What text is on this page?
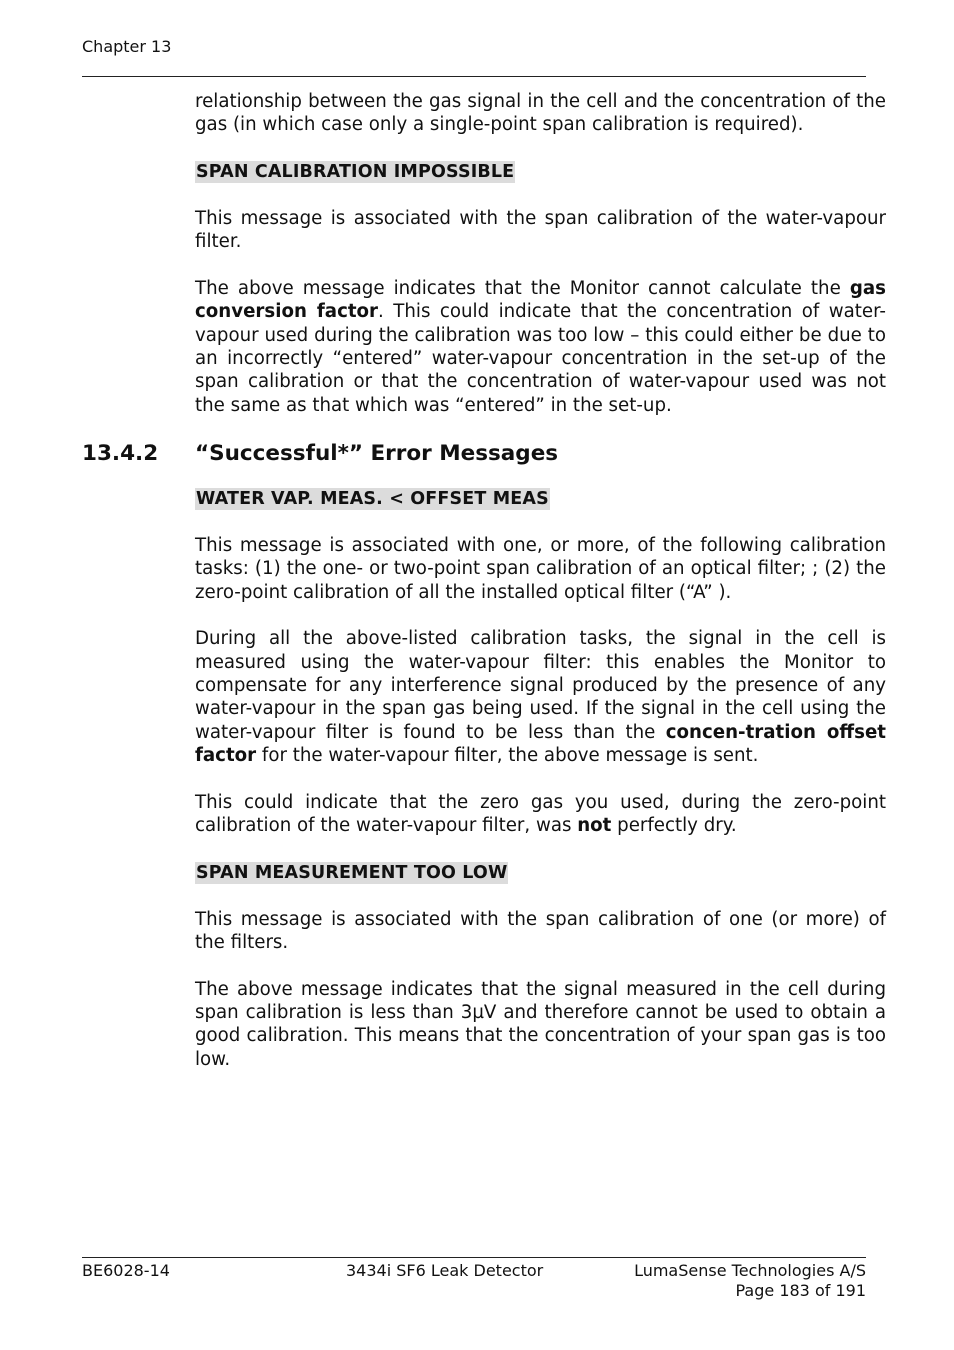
Chapter 13

relationship between the gas signal in the cell and the concentration of the gas (in which case only a single-point span calibration is required).

SPAN CALIBRATION IMPOSSIBLE

This message is associated with the span calibration of the water-vapour filter.

The above message indicates that the Monitor cannot calculate the gas conversion factor. This could indicate that the concentration of water-vapour used during the calibration was too low – this could either be due to an incorrectly “entered” water-vapour concentration in the set-up of the span calibration or that the concentration of water-vapour used was not the same as that which was “entered” in the set-up.

13.4.2 “Successful*” Error Messages
WATER VAP. MEAS. < OFFSET MEAS

This message is associated with one, or more, of the following calibration tasks: (1) the one- or two-point span calibration of an optical filter; ; (2) the zero-point calibration of all the installed optical filter (“A” ).

During all the above-listed calibration tasks, the signal in the cell is measured using the water-vapour filter: this enables the Monitor to compensate for any interference signal produced by the presence of any water-vapour in the span gas being used. If the signal in the cell using the water-vapour filter is found to be less than the concen-tration offset factor for the water-vapour filter, the above message is sent.

This could indicate that the zero gas you used, during the zero-point calibration of the water-vapour filter, was not perfectly dry.

SPAN MEASUREMENT TOO LOW

This message is associated with the span calibration of one (or more) of the filters.

The above message indicates that the signal measured in the cell during span calibration is less than 3µV and therefore cannot be used to obtain a good calibration. This means that the concentration of your span gas is too low.

BE6028-14	3434i SF6 Leak Detector	LumaSense Technologies A/S
Page 183 of 191
